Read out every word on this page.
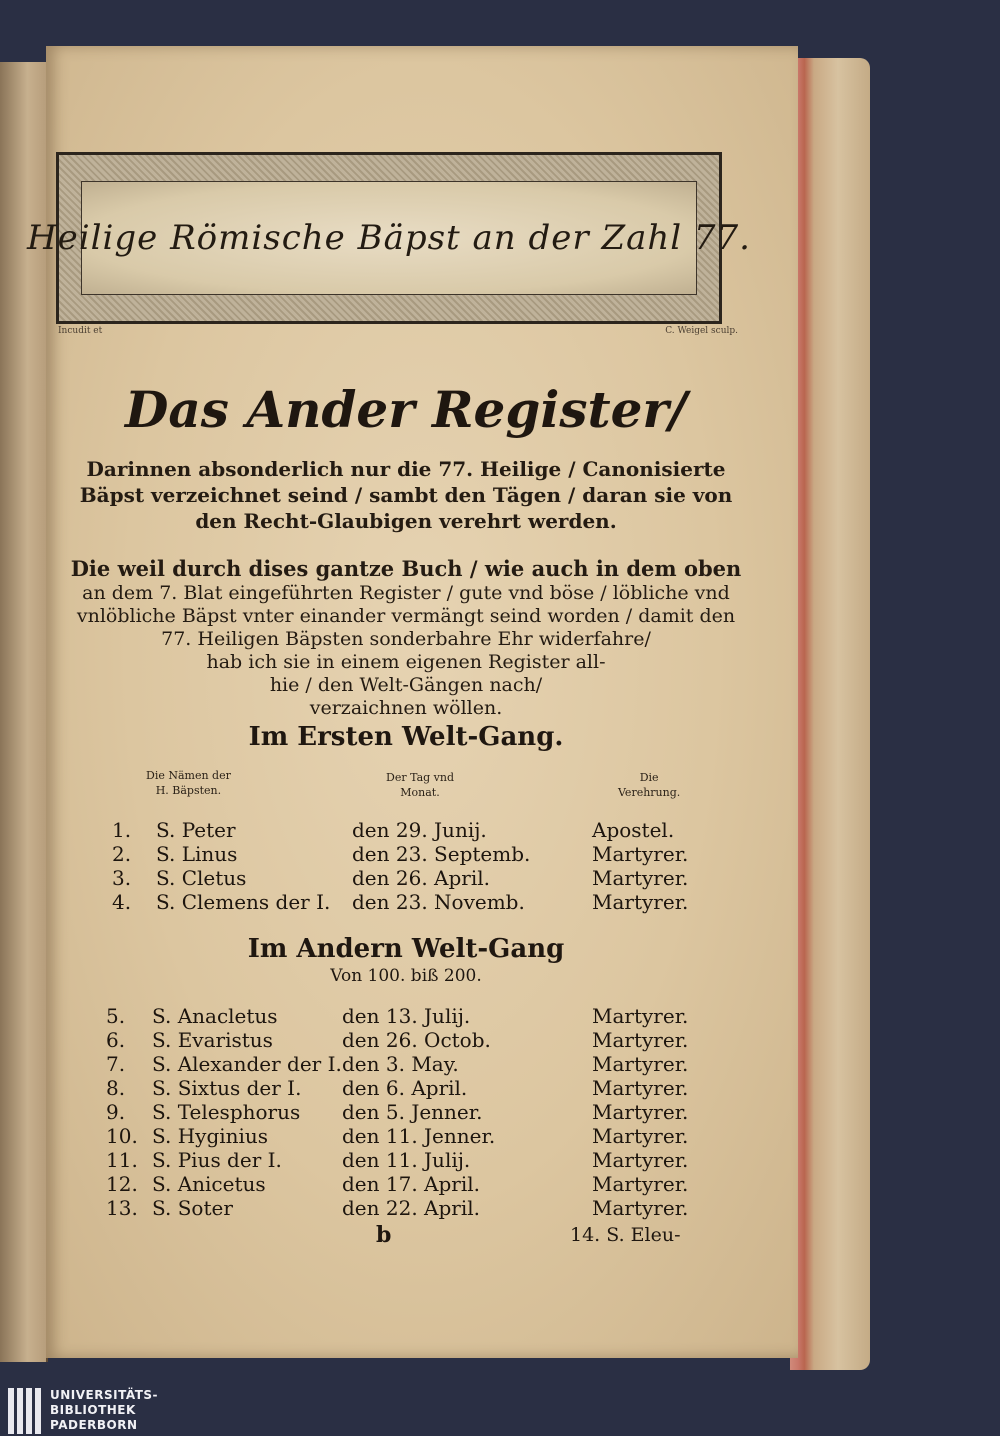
Heilige Römische Bäpst an der Zahl 77.
Incudit et	C. Weigel sculp.
Das Ander Register/
Darinnen absonderlich nur die 77. Heilige / Canonisierte
Bäpst verzeichnet seind / sambt den Tägen / daran sie von
den Recht-Glaubigen verehrt werden.
Die weil durch dises gantze Buch / wie auch in dem oben
an dem 7. Blat eingeführten Register / gute vnd böse / löbliche vnd
vnlöbliche Bäpst vnter einander vermängt seind worden / damit den
77. Heiligen Bäpsten sonderbahre Ehr widerfahre/
hab ich sie in einem eigenen Register all-
hie / den Welt-Gängen nach/
verzaichnen wöllen.
Im Ersten Welt-Gang.
Die Nämen der
H. Bäpsten.
Der Tag vnd
Monat.
Die
Verehrung.
1. S. Peter	den 29. Junij.	Apostel.
2. S. Linus	den 23. Septemb.	Martyrer.
3. S. Cletus	den 26. April.	Martyrer.
4. S. Clemens der I. den 23. Novemb.	Martyrer.
Im Andern Welt-Gang
Von 100. biß 200.
5. S. Anacletus	den 13. Julij.	Martyrer.
6. S. Evaristus	den 26. Octob.	Martyrer.
7. S. Alexander der I. den 3. May.	Martyrer.
8. S. Sixtus der I. den 6. April.	Martyrer.
9. S. Telesphorus den 5. Jenner.	Martyrer.
10. S. Hyginius	den 11. Jenner.	Martyrer.
11. S. Pius der I.	den 11. Julij.	Martyrer.
12. S. Anicetus	den 17. April.	Martyrer.
13. S. Soter	den 22. April.	Martyrer.
b	14. S. Eleu-
UNIVERSITÄTS-
BIBLIOTHEK
PADERBORN
